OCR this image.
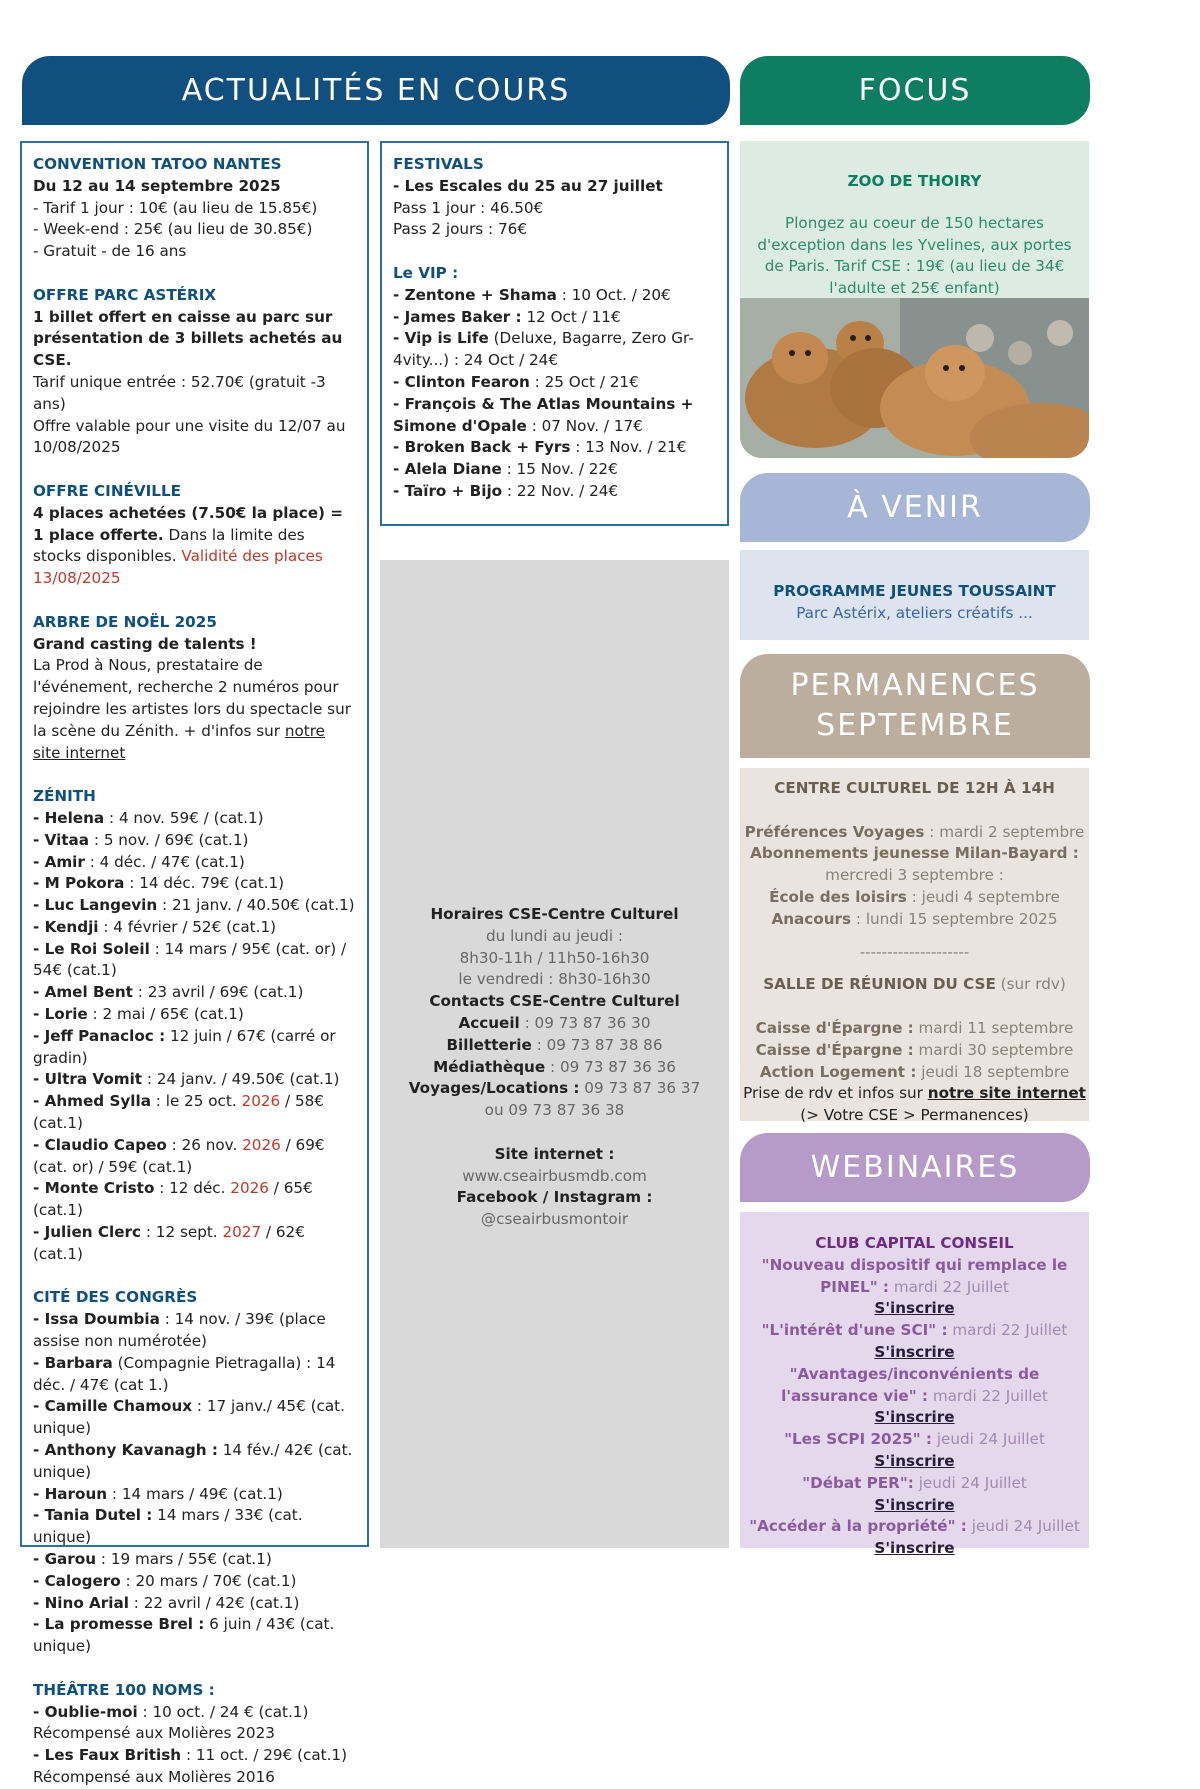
ACTUALITÉS EN COURS	FOCUS
CONVENTION TATOO NANTES
Du 12 au 14 septembre 2025
- Tarif 1 jour : 10€ (au lieu de 15.85€)
- Week-end : 25€ (au lieu de 30.85€)
- Gratuit - de 16 ans
OFFRE PARC ASTÉRIX
1 billet offert en caisse au parc sur présentation de 3 billets achetés au CSE.
Tarif unique entrée : 52.70€ (gratuit -3 ans)
Offre valable pour une visite du 12/07 au 10/08/2025
OFFRE CINÉVILLE
4 places achetées (7.50€ la place) = 1 place offerte. Dans la limite des stocks disponibles. Validité des places 13/08/2025
ARBRE DE NOËL 2025
Grand casting de talents !
La Prod à Nous, prestataire de l'événement, recherche 2 numéros pour rejoindre les artistes lors du spectacle sur la scène du Zénith. + d'infos sur notre site internet
ZÉNITH
- Helena : 4 nov. 59€ / (cat.1)
- Vitaa : 5 nov. / 69€ (cat.1)
- Amir : 4 déc. / 47€ (cat.1)
- M Pokora : 14 déc. 79€ (cat.1)
- Luc Langevin : 21 janv. / 40.50€ (cat.1)
- Kendji : 4 février / 52€ (cat.1)
- Le Roi Soleil : 14 mars / 95€ (cat. or) / 54€ (cat.1)
- Amel Bent : 23 avril / 69€ (cat.1)
- Lorie : 2 mai / 65€ (cat.1)
- Jeff Panacloc : 12 juin / 67€ (carré or gradin)
- Ultra Vomit : 24 janv. / 49.50€ (cat.1)
- Ahmed Sylla : le 25 oct. 2026 / 58€ (cat.1)
- Claudio Capeo : 26 nov. 2026 / 69€ (cat. or) / 59€ (cat.1)
- Monte Cristo : 12 déc. 2026 / 65€ (cat.1)
- Julien Clerc : 12 sept. 2027 / 62€ (cat.1)
CITÉ DES CONGRÈS
- Issa Doumbia : 14 nov. / 39€ (place assise non numérotée)
- Barbara (Compagnie Pietragalla) : 14 déc. / 47€ (cat 1.)
- Camille Chamoux : 17 janv./ 45€ (cat. unique)
- Anthony Kavanagh : 14 fév./ 42€ (cat. unique)
- Haroun : 14 mars / 49€ (cat.1)
- Tania Dutel : 14 mars / 33€ (cat. unique)
- Garou : 19 mars / 55€ (cat.1)
- Calogero : 20 mars / 70€ (cat.1)
- Nino Arial : 22 avril / 42€ (cat.1)
- La promesse Brel : 6 juin / 43€ (cat. unique)
THÉÂTRE 100 NOMS :
- Oublie-moi : 10 oct. / 24 € (cat.1)
Récompensé aux Molières 2023
- Les Faux British : 11 oct. / 29€ (cat.1)
Récompensé aux Molières 2016
FESTIVALS
- Les Escales du 25 au 27 juillet
Pass 1 jour : 46.50€
Pass 2 jours : 76€
Le VIP :
- Zentone + Shama : 10 Oct. / 20€
- James Baker : 12 Oct / 11€
- Vip is Life (Deluxe, Bagarre, Zero Gr-4vity...) : 24 Oct / 24€
- Clinton Fearon : 25 Oct / 21€
- François & The Atlas Mountains + Simone d'Opale : 07 Nov. / 17€
- Broken Back + Fyrs : 13 Nov. / 21€
- Alela Diane : 15 Nov. / 22€
- Taïro + Bijo : 22 Nov. / 24€
Horaires CSE-Centre Culturel
du lundi au jeudi :
8h30-11h / 11h50-16h30
le vendredi : 8h30-16h30
Contacts CSE-Centre Culturel
Accueil : 09 73 87 36 30
Billetterie : 09 73 87 38 86
Médiathèque : 09 73 87 36 36
Voyages/Locations : 09 73 87 36 37
ou 09 73 87 36 38
Site internet :
www.cseairbusmdb.com
Facebook / Instagram :
@cseairbusmontoir
ZOO DE THOIRY
Plongez au coeur de 150 hectares d'exception dans les Yvelines, aux portes de Paris. Tarif CSE : 19€ (au lieu de 34€ l'adulte et 25€ enfant)
À VENIR
PROGRAMME JEUNES TOUSSAINT
Parc Astérix, ateliers créatifs ...
PERMANENCES
SEPTEMBRE
CENTRE CULTUREL DE 12H À 14H
Préférences Voyages : mardi 2 septembre
Abonnements jeunesse Milan-Bayard : mercredi 3 septembre :
École des loisirs : jeudi 4 septembre
Anacours : lundi 15 septembre 2025
--------------------
SALLE DE RÉUNION DU CSE (sur rdv)
Caisse d'Épargne : mardi 11 septembre
Caisse d'Épargne : mardi 30 septembre
Action Logement : jeudi 18 septembre
Prise de rdv et infos sur notre site internet
(> Votre CSE > Permanences)
WEBINAIRES
CLUB CAPITAL CONSEIL
"Nouveau dispositif qui remplace le PINEL" : mardi 22 Juillet
S'inscrire
"L'intérêt d'une SCI" : mardi 22 Juillet
S'inscrire
"Avantages/inconvénients de l'assurance vie" : mardi 22 Juillet
S'inscrire
"Les SCPI 2025" : jeudi 24 Juillet
S'inscrire
"Débat PER": jeudi 24 Juillet
S'inscrire
"Accéder à la propriété" : jeudi 24 Juillet
S'inscrire
